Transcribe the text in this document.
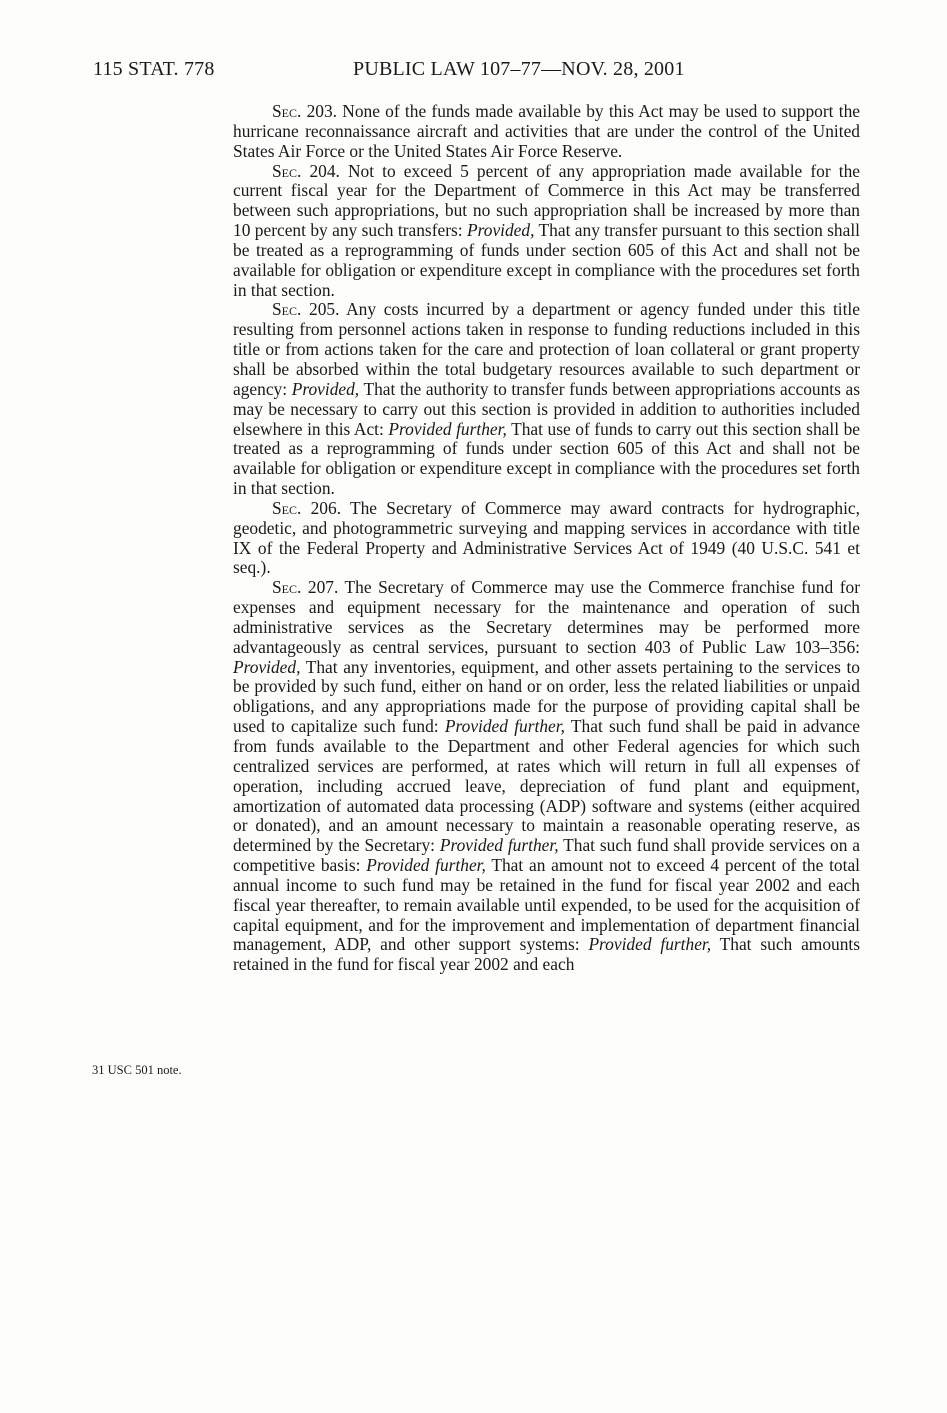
115 STAT. 778	PUBLIC LAW 107–77—NOV. 28, 2001
31 USC 501 note.

Sec. 203. None of the funds made available by this Act may be used to support the hurricane reconnaissance aircraft and activities that are under the control of the United States Air Force or the United States Air Force Reserve.

Sec. 204. Not to exceed 5 percent of any appropriation made available for the current fiscal year for the Department of Commerce in this Act may be transferred between such appropriations, but no such appropriation shall be increased by more than 10 percent by any such transfers: Provided, That any transfer pursuant to this section shall be treated as a reprogramming of funds under section 605 of this Act and shall not be available for obligation or expenditure except in compliance with the procedures set forth in that section.

Sec. 205. Any costs incurred by a department or agency funded under this title resulting from personnel actions taken in response to funding reductions included in this title or from actions taken for the care and protection of loan collateral or grant property shall be absorbed within the total budgetary resources available to such department or agency: Provided, That the authority to transfer funds between appropriations accounts as may be necessary to carry out this section is provided in addition to authorities included elsewhere in this Act: Provided further, That use of funds to carry out this section shall be treated as a reprogramming of funds under section 605 of this Act and shall not be available for obligation or expenditure except in compliance with the procedures set forth in that section.

Sec. 206. The Secretary of Commerce may award contracts for hydrographic, geodetic, and photogrammetric surveying and mapping services in accordance with title IX of the Federal Property and Administrative Services Act of 1949 (40 U.S.C. 541 et seq.).

Sec. 207. The Secretary of Commerce may use the Commerce franchise fund for expenses and equipment necessary for the maintenance and operation of such administrative services as the Secretary determines may be performed more advantageously as central services, pursuant to section 403 of Public Law 103–356: Provided, That any inventories, equipment, and other assets pertaining to the services to be provided by such fund, either on hand or on order, less the related liabilities or unpaid obligations, and any appropriations made for the purpose of providing capital shall be used to capitalize such fund: Provided further, That such fund shall be paid in advance from funds available to the Department and other Federal agencies for which such centralized services are performed, at rates which will return in full all expenses of operation, including accrued leave, depreciation of fund plant and equipment, amortization of automated data processing (ADP) software and systems (either acquired or donated), and an amount necessary to maintain a reasonable operating reserve, as determined by the Secretary: Provided further, That such fund shall provide services on a competitive basis: Provided further, That an amount not to exceed 4 percent of the total annual income to such fund may be retained in the fund for fiscal year 2002 and each fiscal year thereafter, to remain available until expended, to be used for the acquisition of capital equipment, and for the improvement and implementation of department financial management, ADP, and other support systems: Provided further, That such amounts retained in the fund for fiscal year 2002 and each
